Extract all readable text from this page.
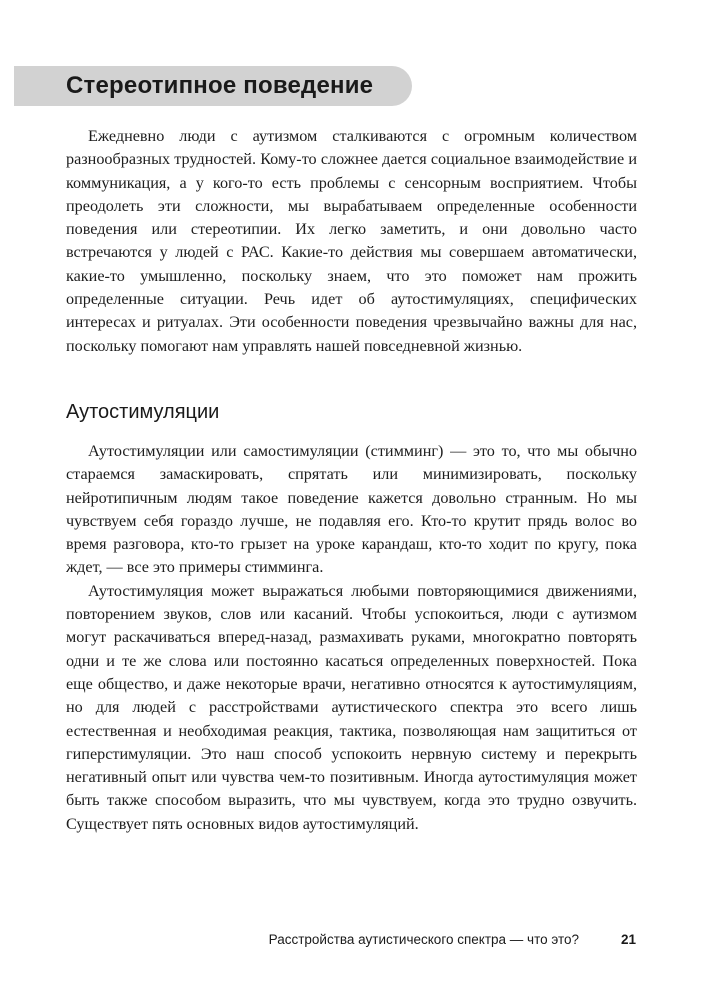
Стереотипное поведение

Ежедневно люди с аутизмом сталкиваются с огромным количеством разнообразных трудностей. Кому-то сложнее дается социальное взаимодействие и коммуникация, а у кого-то есть проблемы с сенсорным восприятием. Чтобы преодолеть эти сложности, мы вырабатываем определенные особенности поведения или стереотипии. Их легко заметить, и они довольно часто встречаются у людей с РАС. Какие-то действия мы совершаем автоматически, какие-то умышленно, поскольку знаем, что это поможет нам прожить определенные ситуации. Речь идет об аутостимуляциях, специфических интересах и ритуалах. Эти особенности поведения чрезвычайно важны для нас, поскольку помогают нам управлять нашей повседневной жизнью.

Аутостимуляции

Аутостимуляции или самостимуляции (стимминг) — это то, что мы обычно стараемся замаскировать, спрятать или минимизировать, поскольку нейротипичным людям такое поведение кажется довольно странным. Но мы чувствуем себя гораздо лучше, не подавляя его. Кто-то крутит прядь волос во время разговора, кто-то грызет на уроке карандаш, кто-то ходит по кругу, пока ждет, — все это примеры стимминга.

Аутостимуляция может выражаться любыми повторяющимися движениями, повторением звуков, слов или касаний. Чтобы успокоиться, люди с аутизмом могут раскачиваться вперед-назад, размахивать руками, многократно повторять одни и те же слова или постоянно касаться определенных поверхностей. Пока еще общество, и даже некоторые врачи, негативно относятся к аутостимуляциям, но для людей с расстройствами аутистического спектра это всего лишь естественная и необходимая реакция, тактика, позволяющая нам защититься от гиперстимуляции. Это наш способ успокоить нервную систему и перекрыть негативный опыт или чувства чем-то позитивным. Иногда аутостимуляция может быть также способом выразить, что мы чувствуем, когда это трудно озвучить. Существует пять основных видов аутостимуляций.

Расстройства аутистического спектра — что это?	21
